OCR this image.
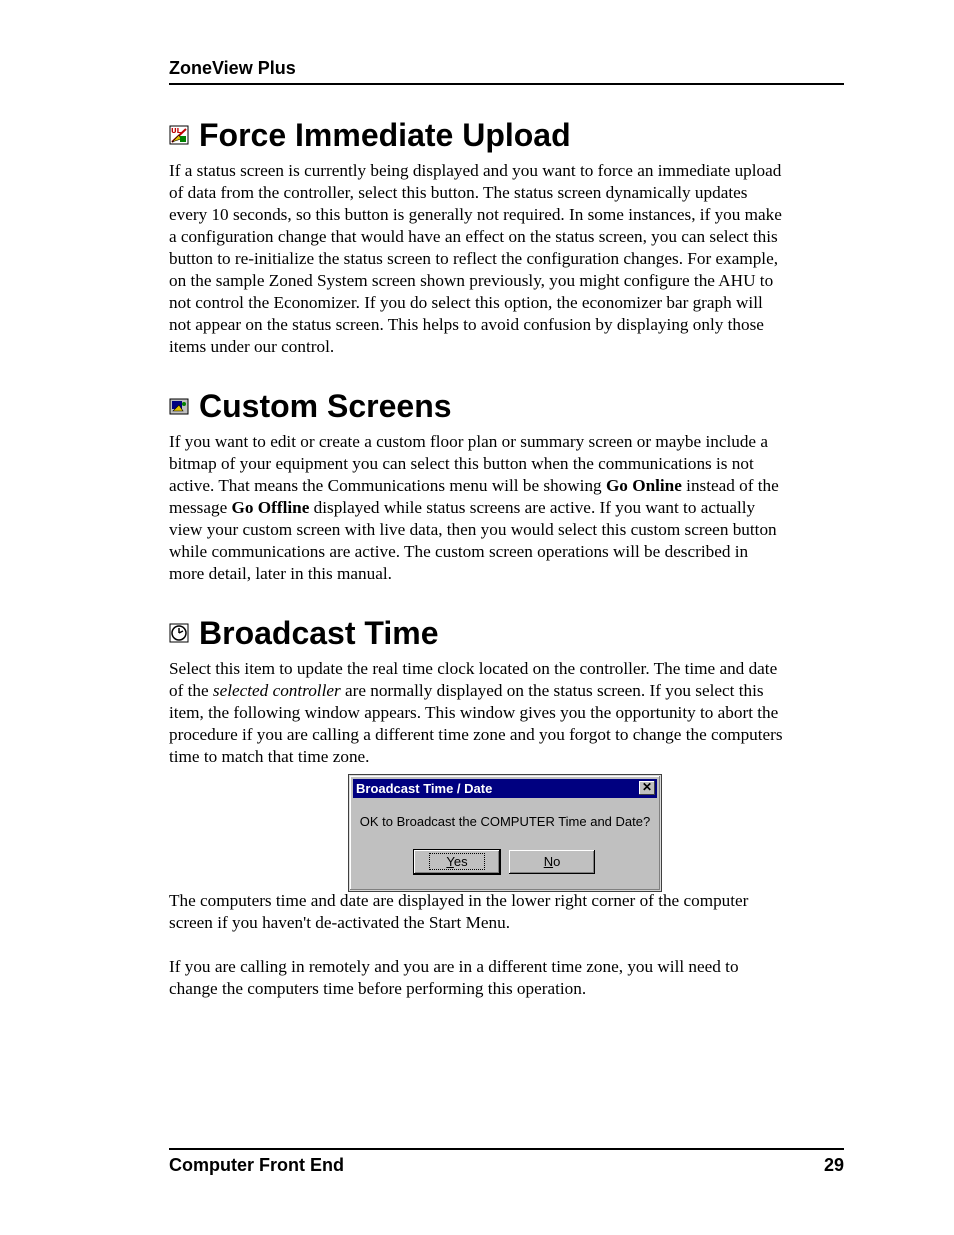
ZoneView Plus
UL Force Immediate Upload

If a status screen is currently being displayed and you want to force an immediate upload

of data from the controller, select this button. The status screen dynamically updates

every 10 seconds, so this button is generally not required. In some instances, if you make

a configuration change that would have an effect on the status screen, you can select this

button to re-initialize the status screen to reflect the configuration changes. For example,

on the sample Zoned System screen shown previously, you might configure the AHU to

not control the Economizer. If you do select this option, the economizer bar graph will

not appear on the status screen. This helps to avoid confusion by displaying only those

items under our control.

Custom Screens

If you want to edit or create a custom floor plan or summary screen or maybe include a

bitmap of your equipment you can select this button when the communications is not

active. That means the Communications menu will be showing Go Online instead of the

message Go Offline displayed while status screens are active. If you want to actually

view your custom screen with live data, then you would select this custom screen button

while communications are active. The custom screen operations will be described in

more detail, later in this manual.

Broadcast Time

Select this item to update the real time clock located on the controller. The time and date

of the selected controller are normally displayed on the status screen. If you select this

item, the following window appears. This window gives you the opportunity to abort the

procedure if you are calling a different time zone and you forgot to change the computers

time to match that time zone.

Broadcast Time / Date	✕
OK to Broadcast the COMPUTER Time and Date?
Yes	No

The computers time and date are displayed in the lower right corner of the computer

screen if you haven't de-activated the Start Menu.

If you are calling in remotely and you are in a different time zone, you will need to

change the computers time before performing this operation.

Computer Front End	29
